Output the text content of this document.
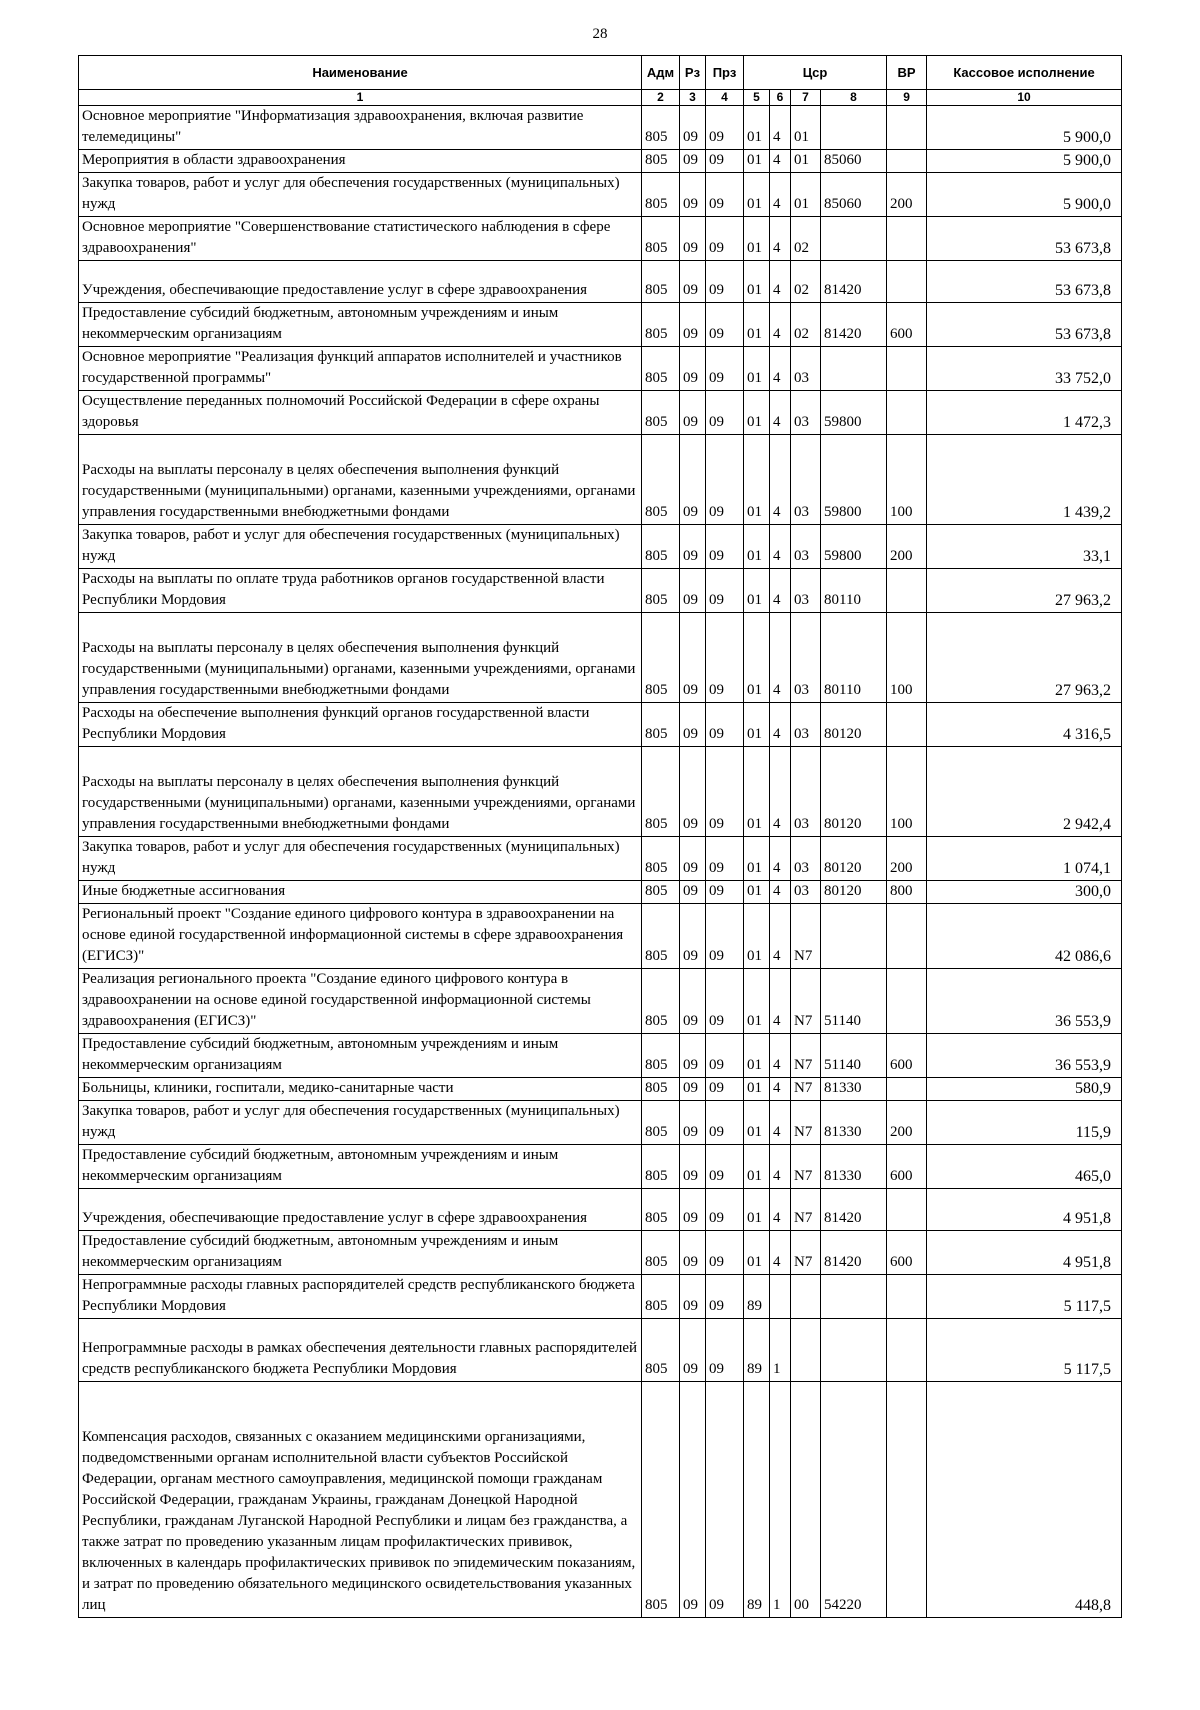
28
Наименование	Адм	Рз	Прз	Цср				ВР	Кассовое исполнение
1	2	3	4	5	6	7	8	9	10
Основное мероприятие "Информатизация здравоохранения, включая развитие телемедицины"	805	09	09	01	4	01			5 900,0
Мероприятия в области здравоохранения	805	09	09	01	4	01	85060		5 900,0
Закупка товаров, работ и услуг для обеспечения государственных (муниципальных) нужд	805	09	09	01	4	01	85060	200	5 900,0
Основное мероприятие "Совершенствование статистического наблюдения в сфере здравоохранения"	805	09	09	01	4	02			53 673,8
Учреждения, обеспечивающие предоставление услуг в сфере здравоохранения	805	09	09	01	4	02	81420		53 673,8
Предоставление субсидий бюджетным, автономным учреждениям и иным некоммерческим организациям	805	09	09	01	4	02	81420	600	53 673,8
Основное мероприятие "Реализация функций аппаратов исполнителей и участников государственной программы"	805	09	09	01	4	03			33 752,0
Осуществление переданных полномочий Российской Федерации в сфере охраны здоровья	805	09	09	01	4	03	59800		1 472,3
Расходы на выплаты персоналу в целях обеспечения выполнения функций государственными (муниципальными) органами, казенными учреждениями, органами управления государственными внебюджетными фондами	805	09	09	01	4	03	59800	100	1 439,2
Закупка товаров, работ и услуг для обеспечения государственных (муниципальных) нужд	805	09	09	01	4	03	59800	200	33,1
Расходы на выплаты по оплате труда работников органов государственной власти Республики Мордовия	805	09	09	01	4	03	80110		27 963,2
Расходы на выплаты персоналу в целях обеспечения выполнения функций государственными (муниципальными) органами, казенными учреждениями, органами управления государственными внебюджетными фондами	805	09	09	01	4	03	80110	100	27 963,2
Расходы на обеспечение выполнения функций органов государственной власти Республики Мордовия	805	09	09	01	4	03	80120		4 316,5
Расходы на выплаты персоналу в целях обеспечения выполнения функций государственными (муниципальными) органами, казенными учреждениями, органами управления государственными внебюджетными фондами	805	09	09	01	4	03	80120	100	2 942,4
Закупка товаров, работ и услуг для обеспечения государственных (муниципальных) нужд	805	09	09	01	4	03	80120	200	1 074,1
Иные бюджетные ассигнования	805	09	09	01	4	03	80120	800	300,0
Региональный проект "Создание единого цифрового контура в здравоохранении на основе единой государственной информационной системы в сфере здравоохранения (ЕГИСЗ)"	805	09	09	01	4	N7			42 086,6
Реализация регионального проекта "Создание единого цифрового контура в здравоохранении на основе единой государственной информационной системы здравоохранения (ЕГИСЗ)"	805	09	09	01	4	N7	51140		36 553,9
Предоставление субсидий бюджетным, автономным учреждениям и иным некоммерческим организациям	805	09	09	01	4	N7	51140	600	36 553,9
Больницы, клиники, госпитали, медико-санитарные части	805	09	09	01	4	N7	81330		580,9
Закупка товаров, работ и услуг для обеспечения государственных (муниципальных) нужд	805	09	09	01	4	N7	81330	200	115,9
Предоставление субсидий бюджетным, автономным учреждениям и иным некоммерческим организациям	805	09	09	01	4	N7	81330	600	465,0
Учреждения, обеспечивающие предоставление услуг в сфере здравоохранения	805	09	09	01	4	N7	81420		4 951,8
Предоставление субсидий бюджетным, автономным учреждениям и иным некоммерческим организациям	805	09	09	01	4	N7	81420	600	4 951,8
Непрограммные расходы главных распорядителей средств республиканского бюджета Республики Мордовия	805	09	09	89					5 117,5
Непрограммные расходы в рамках обеспечения деятельности главных распорядителей средств республиканского бюджета Республики Мордовия	805	09	09	89	1				5 117,5
Компенсация расходов, связанных с оказанием медицинскими организациями, подведомственными органам исполнительной власти субъектов Российской Федерации, органам местного самоуправления, медицинской помощи гражданам Российской Федерации, гражданам Украины, гражданам Донецкой Народной Республики, гражданам Луганской Народной Республики и лицам без гражданства, а также затрат по проведению указанным лицам профилактических прививок, включенных в календарь профилактических прививок по эпидемическим показаниям, и затрат по проведению обязательного медицинского освидетельствования указанных лиц	805	09	09	89	1	00	54220		448,8
